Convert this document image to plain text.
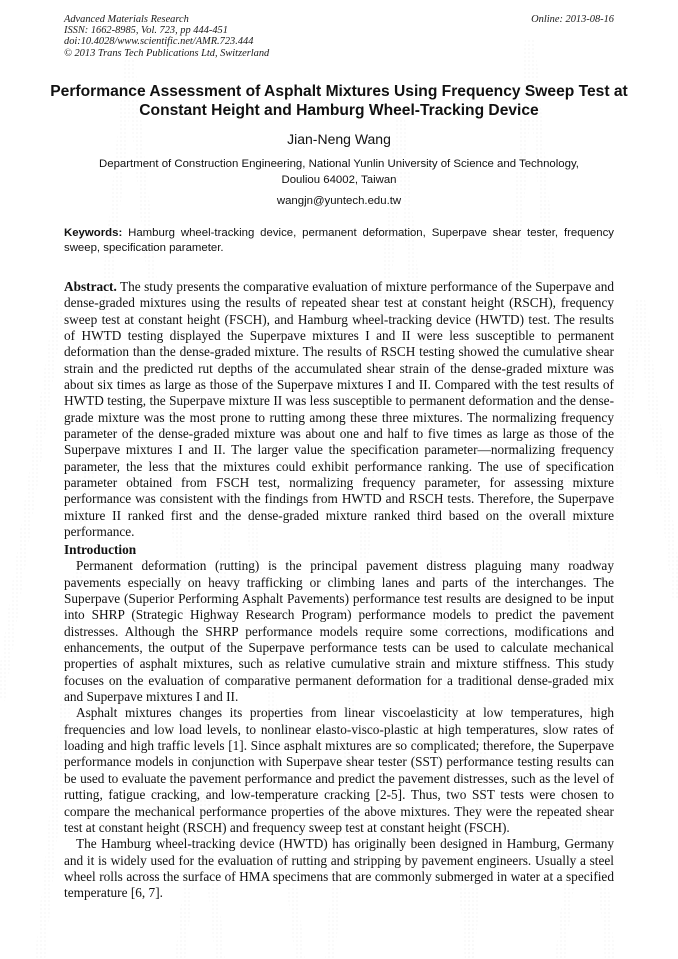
Advanced Materials Research
ISSN: 1662-8985, Vol. 723, pp 444-451
doi:10.4028/www.scientific.net/AMR.723.444
© 2013 Trans Tech Publications Ltd, Switzerland
Online: 2013-08-16
Performance Assessment of Asphalt Mixtures Using Frequency Sweep Test at Constant Height and Hamburg Wheel-Tracking Device
Jian-Neng Wang
Department of Construction Engineering, National Yunlin University of Science and Technology,
Douliou 64002, Taiwan
wangjn@yuntech.edu.tw
Keywords: Hamburg wheel-tracking device, permanent deformation, Superpave shear tester, frequency sweep, specification parameter.
Abstract. The study presents the comparative evaluation of mixture performance of the Superpave and dense-graded mixtures using the results of repeated shear test at constant height (RSCH), frequency sweep test at constant height (FSCH), and Hamburg wheel-tracking device (HWTD) test. The results of HWTD testing displayed the Superpave mixtures I and II were less susceptible to permanent deformation than the dense-graded mixture. The results of RSCH testing showed the cumulative shear strain and the predicted rut depths of the accumulated shear strain of the dense-graded mixture was about six times as large as those of the Superpave mixtures I and II. Compared with the test results of HWTD testing, the Superpave mixture II was less susceptible to permanent deformation and the dense-grade mixture was the most prone to rutting among these three mixtures. The normalizing frequency parameter of the dense-graded mixture was about one and half to five times as large as those of the Superpave mixtures I and II. The larger value the specification parameter—normalizing frequency parameter, the less that the mixtures could exhibit performance ranking. The use of specification parameter obtained from FSCH test, normalizing frequency parameter, for assessing mixture performance was consistent with the findings from HWTD and RSCH tests. Therefore, the Superpave mixture II ranked first and the dense-graded mixture ranked third based on the overall mixture performance.

Introduction

Permanent deformation (rutting) is the principal pavement distress plaguing many roadway pavements especially on heavy trafficking or climbing lanes and parts of the interchanges. The Superpave (Superior Performing Asphalt Pavements) performance test results are designed to be input into SHRP (Strategic Highway Research Program) performance models to predict the pavement distresses. Although the SHRP performance models require some corrections, modifications and enhancements, the output of the Superpave performance tests can be used to calculate mechanical properties of asphalt mixtures, such as relative cumulative strain and mixture stiffness. This study focuses on the evaluation of comparative permanent deformation for a traditional dense-graded mix and Superpave mixtures I and II.

Asphalt mixtures changes its properties from linear viscoelasticity at low temperatures, high frequencies and low load levels, to nonlinear elasto-visco-plastic at high temperatures, slow rates of loading and high traffic levels [1]. Since asphalt mixtures are so complicated; therefore, the Superpave performance models in conjunction with Superpave shear tester (SST) performance testing results can be used to evaluate the pavement performance and predict the pavement distresses, such as the level of rutting, fatigue cracking, and low-temperature cracking [2-5]. Thus, two SST tests were chosen to compare the mechanical performance properties of the above mixtures. They were the repeated shear test at constant height (RSCH) and frequency sweep test at constant height (FSCH).

The Hamburg wheel-tracking device (HWTD) has originally been designed in Hamburg, Germany and it is widely used for the evaluation of rutting and stripping by pavement engineers. Usually a steel wheel rolls across the surface of HMA specimens that are commonly submerged in water at a specified temperature [6, 7].
